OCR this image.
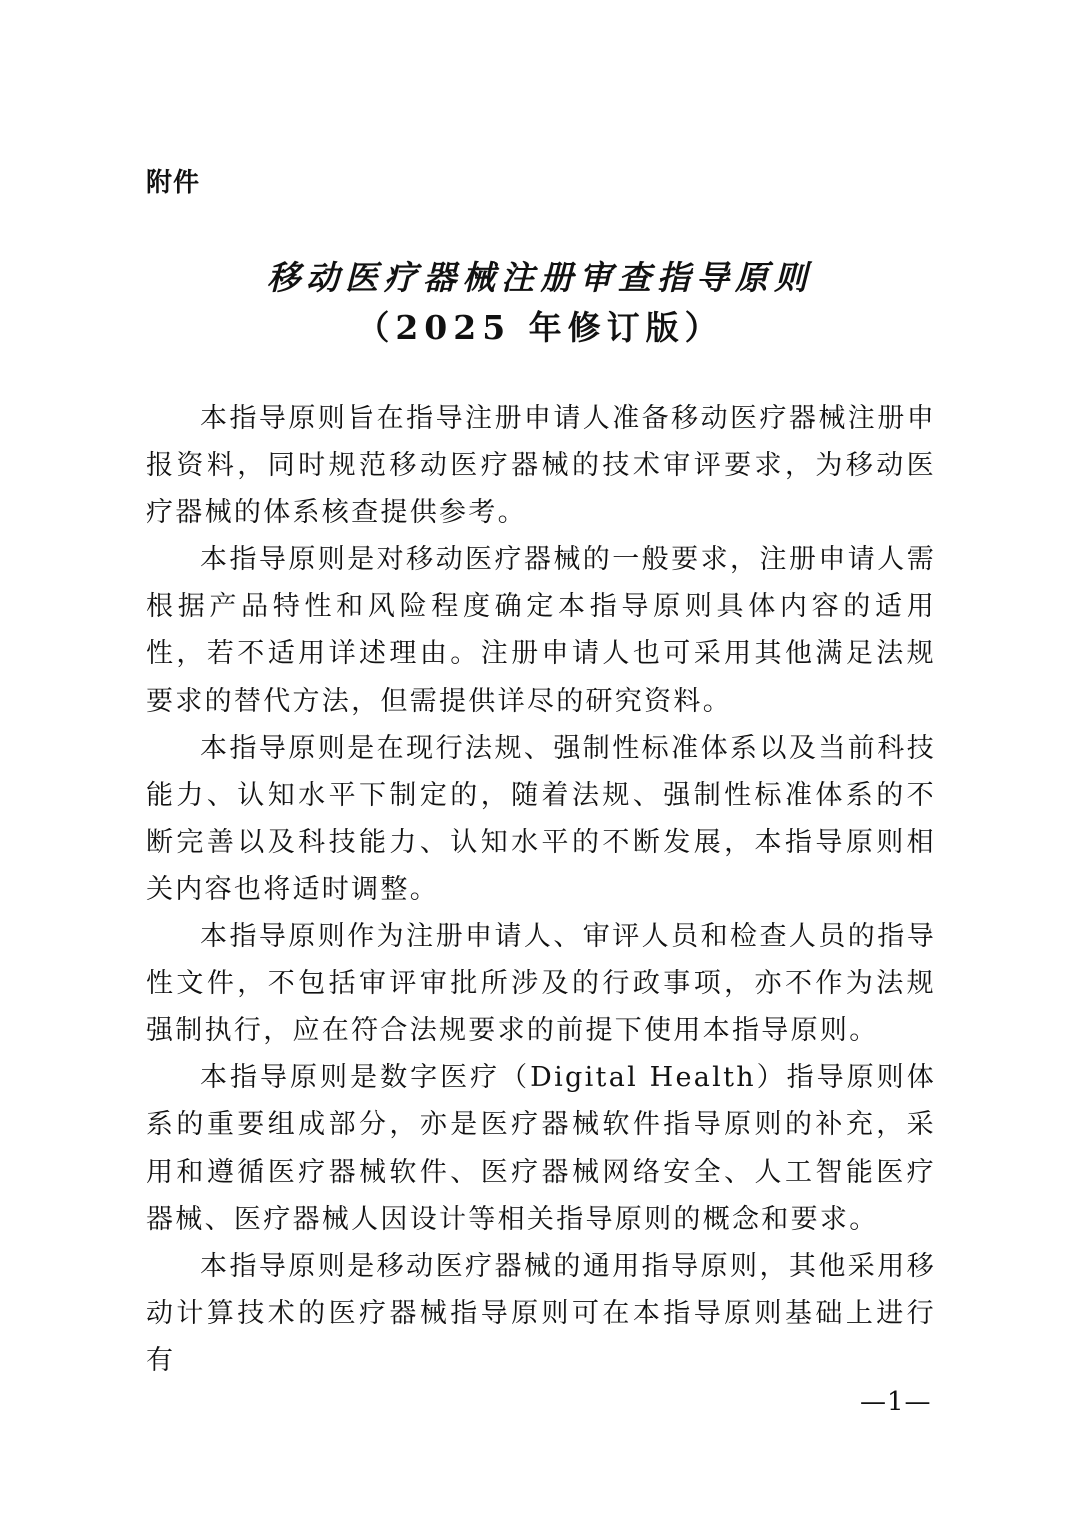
附件
移动医疗器械注册审查指导原则
（2025 年修订版）

本指导原则旨在指导注册申请人准备移动医疗器械注册申报资料，同时规范移动医疗器械的技术审评要求，为移动医疗器械的体系核查提供参考。

本指导原则是对移动医疗器械的一般要求，注册申请人需根据产品特性和风险程度确定本指导原则具体内容的适用性，若不适用详述理由。注册申请人也可采用其他满足法规要求的替代方法，但需提供详尽的研究资料。

本指导原则是在现行法规、强制性标准体系以及当前科技能力、认知水平下制定的，随着法规、强制性标准体系的不断完善以及科技能力、认知水平的不断发展，本指导原则相关内容也将适时调整。

本指导原则作为注册申请人、审评人员和检查人员的指导性文件，不包括审评审批所涉及的行政事项，亦不作为法规强制执行，应在符合法规要求的前提下使用本指导原则。

本指导原则是数字医疗（Digital Health）指导原则体系的重要组成部分，亦是医疗器械软件指导原则的补充，采用和遵循医疗器械软件、医疗器械网络安全、人工智能医疗器械、医疗器械人因设计等相关指导原则的概念和要求。

本指导原则是移动医疗器械的通用指导原则，其他采用移动计算技术的医疗器械指导原则可在本指导原则基础上进行有

—1—
